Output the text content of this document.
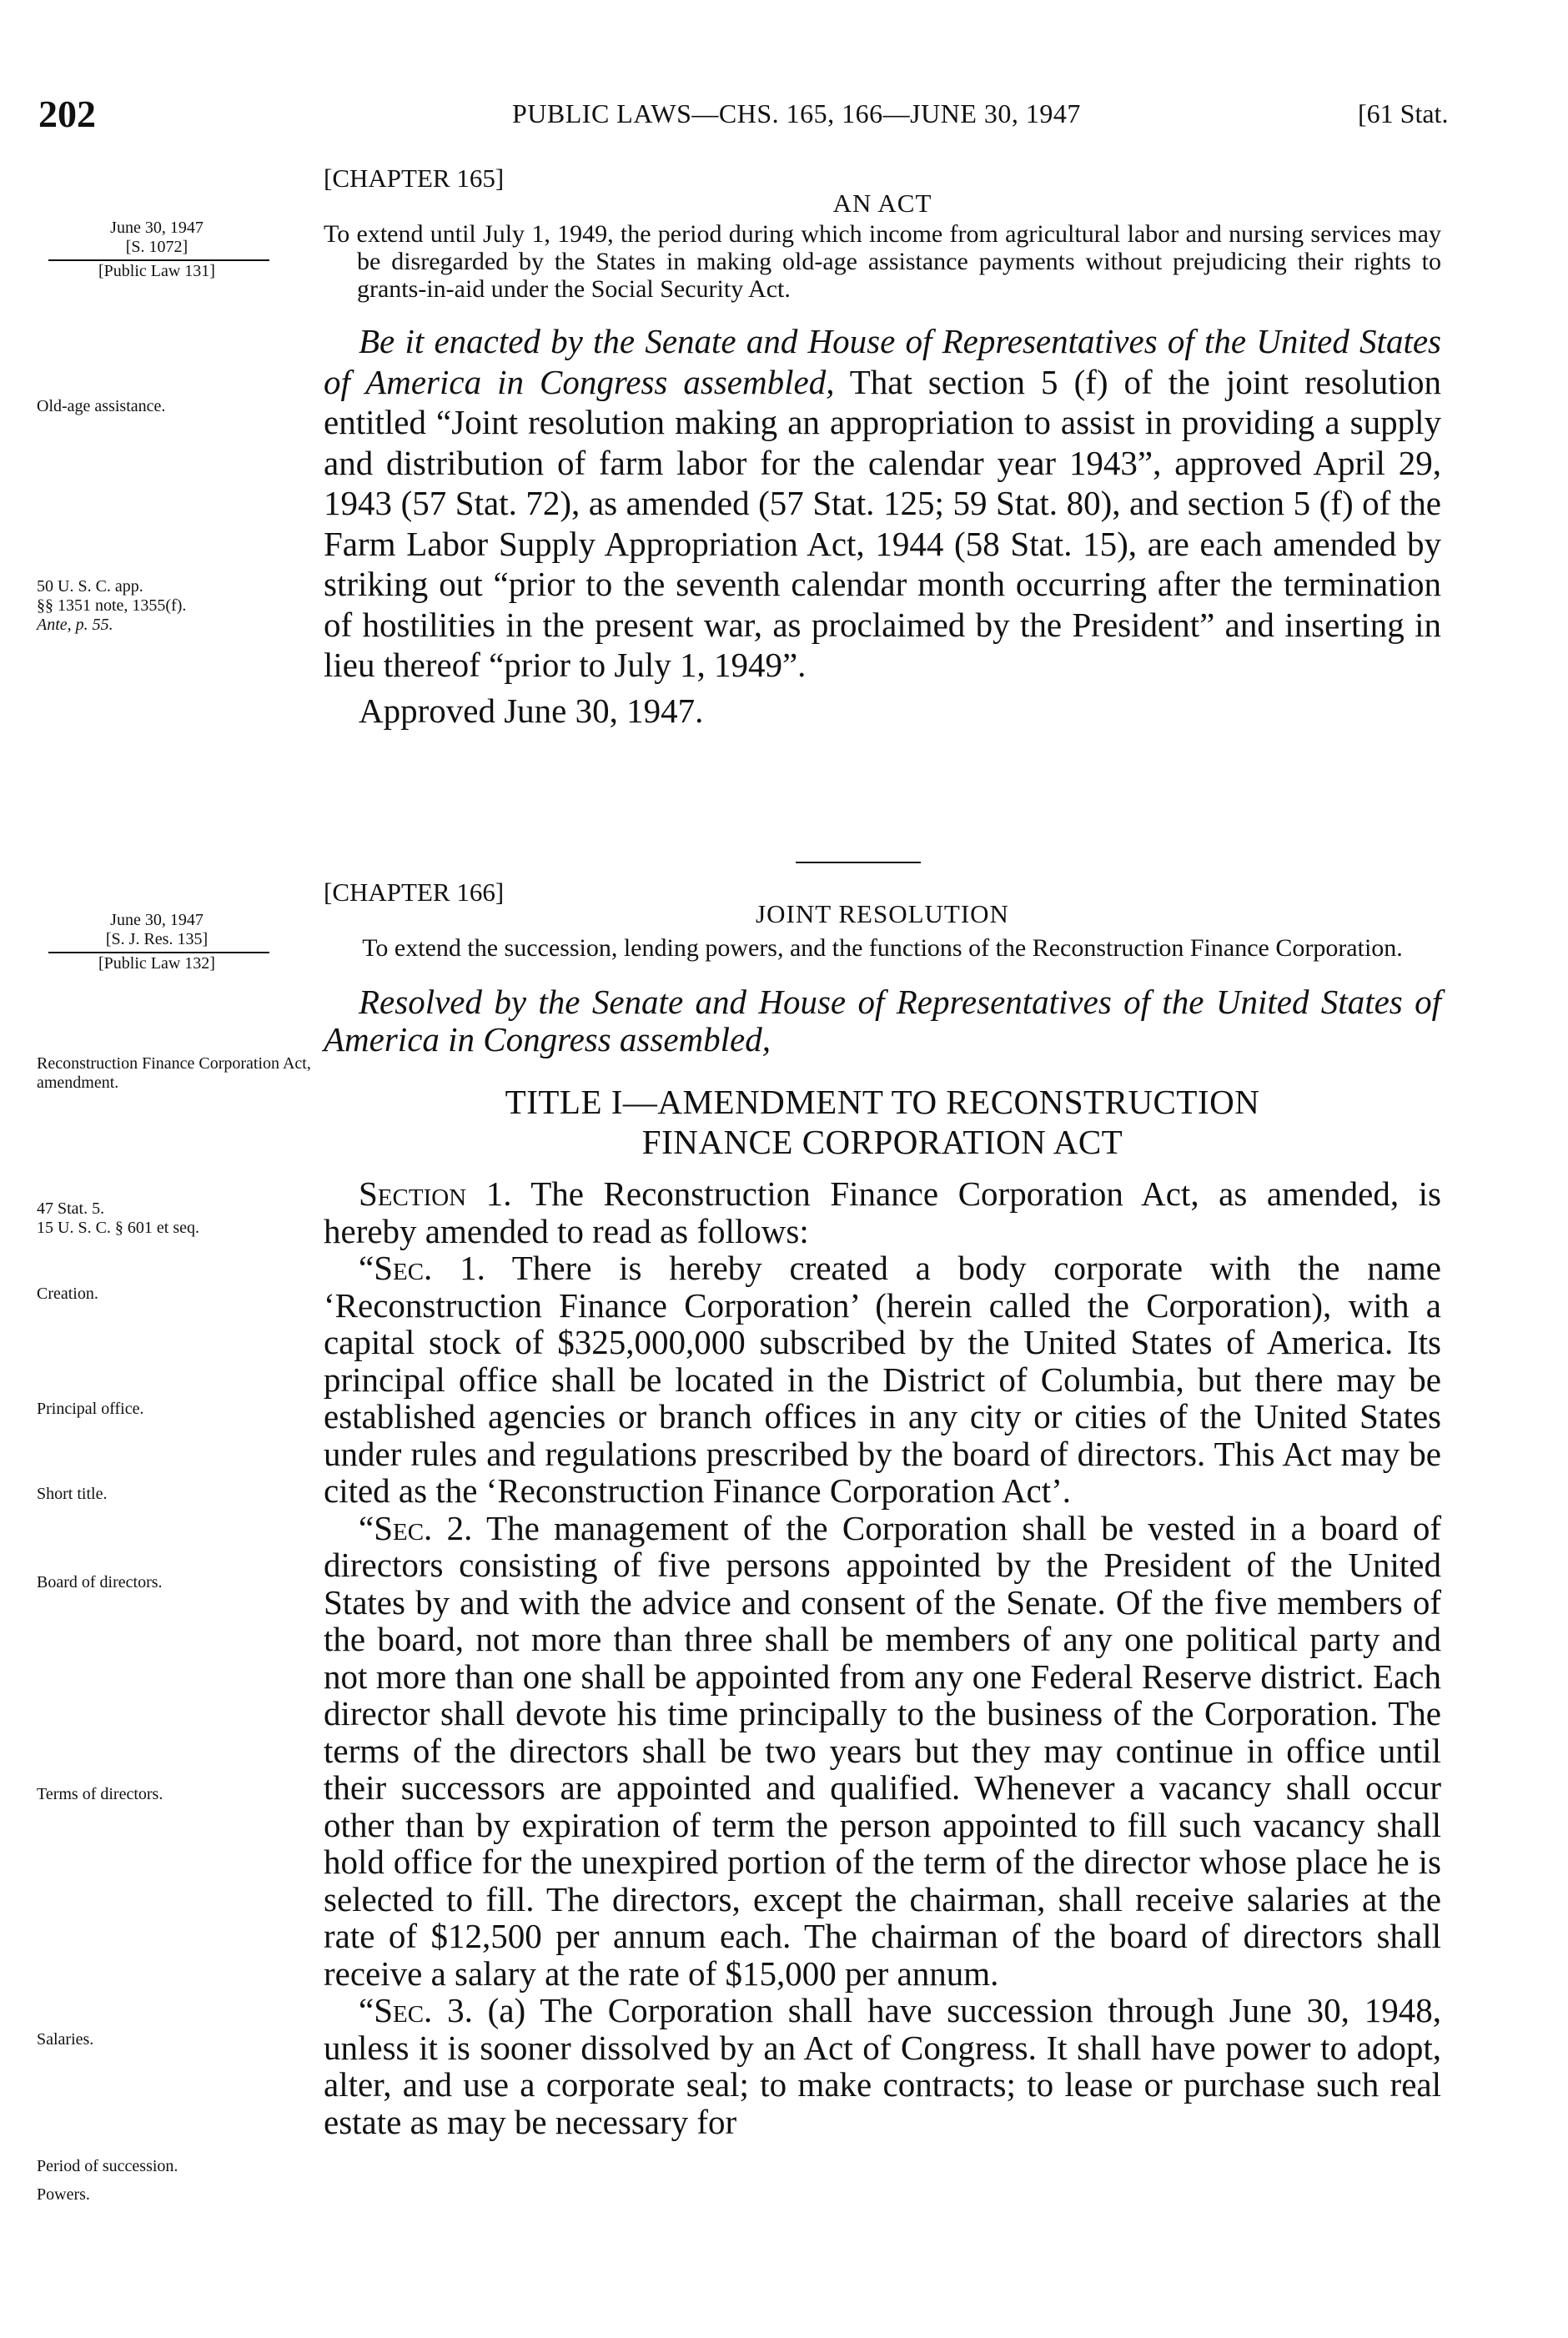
202	PUBLIC LAWS—CHS. 165, 166—JUNE 30, 1947	[61 Stat.
June 30, 1947
[S. 1072]
[Public Law 131]
Old-age assistance.
50 U. S. C. app.
§§ 1351 note, 1355(f).
Ante, p. 55.
[CHAPTER 165]
AN ACT
To extend until July 1, 1949, the period during which income from agricultural labor and nursing services may be disregarded by the States in making old-age assistance payments without prejudicing their rights to grants-in-aid under the Social Security Act.

Be it enacted by the Senate and House of Representatives of the United States of America in Congress assembled, That section 5 (f) of the joint resolution entitled “Joint resolution making an appropriation to assist in providing a supply and distribution of farm labor for the calendar year 1943”, approved April 29, 1943 (57 Stat. 72), as amended (57 Stat. 125; 59 Stat. 80), and section 5 (f) of the Farm Labor Supply Appropriation Act, 1944 (58 Stat. 15), are each amended by striking out “prior to the seventh calendar month occurring after the termination of hostilities in the present war, as proclaimed by the President” and inserting in lieu thereof “prior to July 1, 1949”.

Approved June 30, 1947.
June 30, 1947
[S. J. Res. 135]
[Public Law 132]
Reconstruction Finance Corporation Act, amendment.
47 Stat. 5.
15 U. S. C. § 601 et seq.
Creation.
Principal office.
Short title.
Board of directors.
Terms of directors.
Salaries.
Period of succession.
Powers.
[CHAPTER 166]
JOINT RESOLUTION
To extend the succession, lending powers, and the functions of the Reconstruction Finance Corporation.
Resolved by the Senate and House of Representatives of the United States of America in Congress assembled,
TITLE I—AMENDMENT TO RECONSTRUCTION
FINANCE CORPORATION ACT

Section 1. The Reconstruction Finance Corporation Act, as amended, is hereby amended to read as follows:

“Sec. 1. There is hereby created a body corporate with the name ‘Reconstruction Finance Corporation’ (herein called the Corporation), with a capital stock of $325,000,000 subscribed by the United States of America. Its principal office shall be located in the District of Columbia, but there may be established agencies or branch offices in any city or cities of the United States under rules and regulations prescribed by the board of directors. This Act may be cited as the ‘Reconstruction Finance Corporation Act’.

“Sec. 2. The management of the Corporation shall be vested in a board of directors consisting of five persons appointed by the President of the United States by and with the advice and consent of the Senate. Of the five members of the board, not more than three shall be members of any one political party and not more than one shall be appointed from any one Federal Reserve district. Each director shall devote his time principally to the business of the Corporation. The terms of the directors shall be two years but they may continue in office until their successors are appointed and qualified. Whenever a vacancy shall occur other than by expiration of term the person appointed to fill such vacancy shall hold office for the unexpired portion of the term of the director whose place he is selected to fill. The directors, except the chairman, shall receive salaries at the rate of $12,500 per annum each. The chairman of the board of directors shall receive a salary at the rate of $15,000 per annum.

“Sec. 3. (a) The Corporation shall have succession through June 30, 1948, unless it is sooner dissolved by an Act of Congress. It shall have power to adopt, alter, and use a corporate seal; to make contracts; to lease or purchase such real estate as may be necessary for
